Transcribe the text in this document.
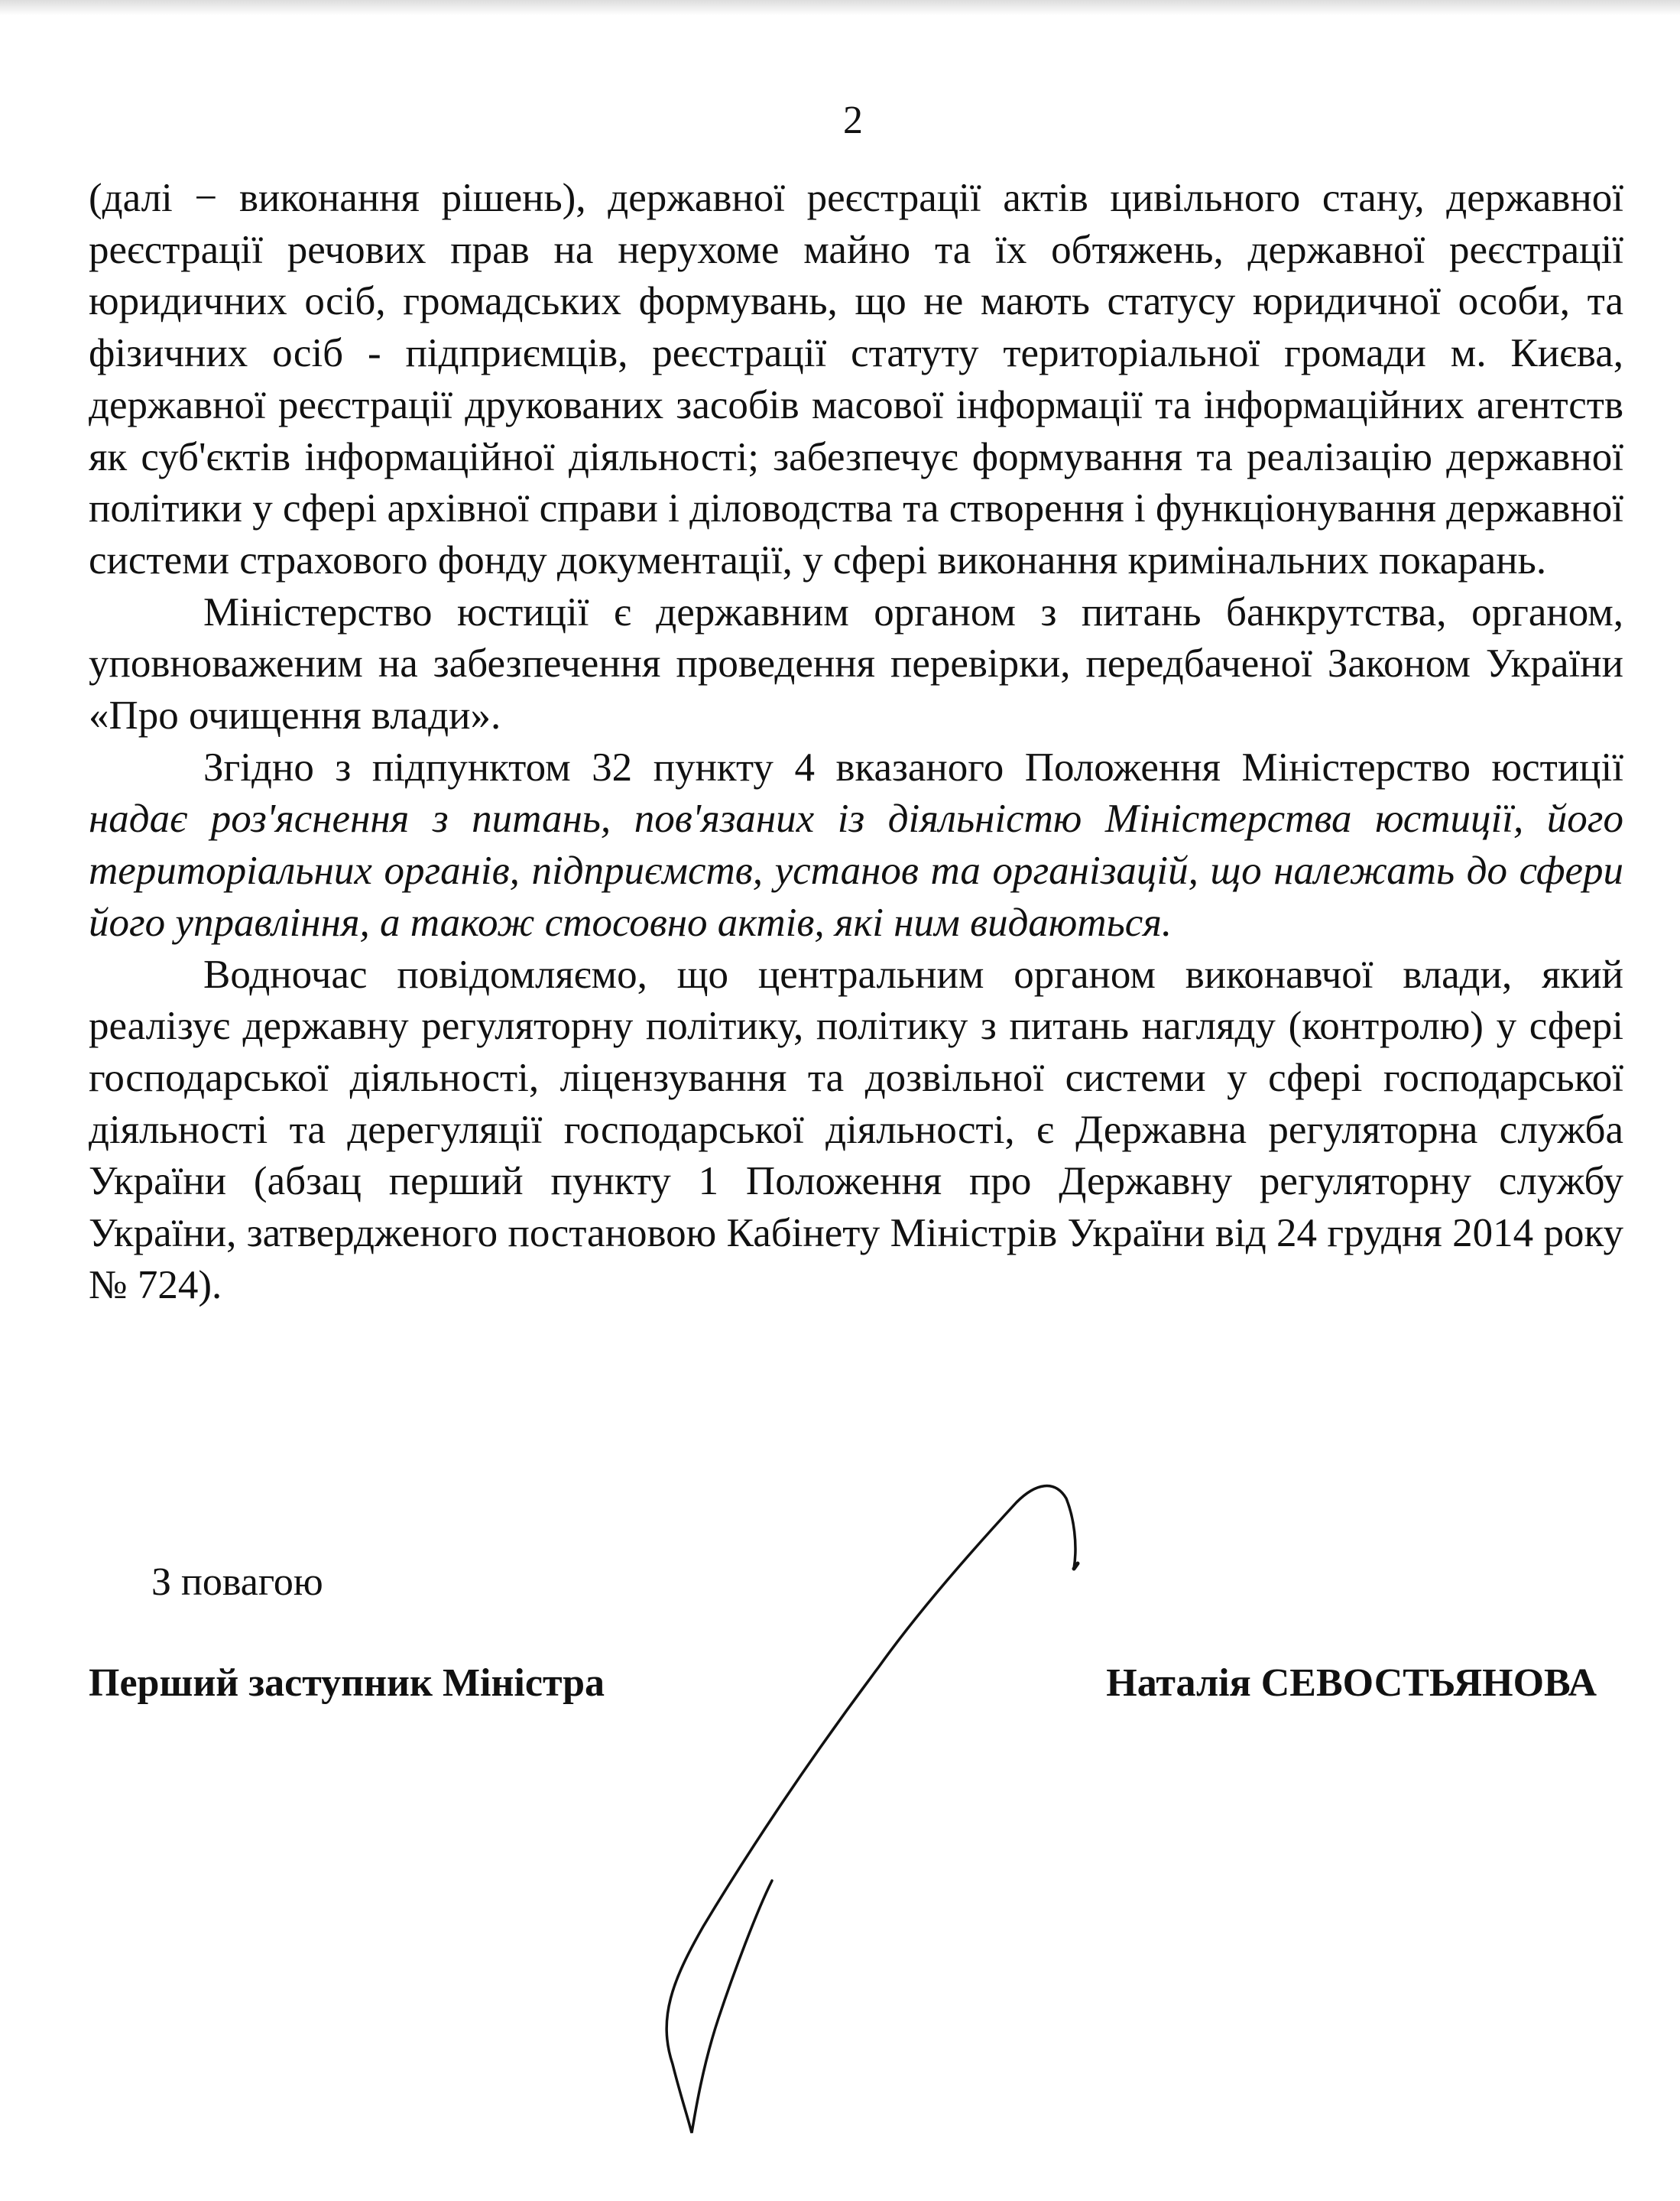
2

(далі − виконання рішень), державної реєстрації актів цивільного стану, державної реєстрації речових прав на нерухоме майно та їх обтяжень, державної реєстрації юридичних осіб, громадських формувань, що не мають статусу юридичної особи, та фізичних осіб - підприємців, реєстрації статуту територіальної громади м. Києва, державної реєстрації друкованих засобів масової інформації та інформаційних агентств як суб'єктів інформаційної діяльності; забезпечує формування та реалізацію державної політики у сфері архівної справи і діловодства та створення і функціонування державної системи страхового фонду документації, у сфері виконання кримінальних покарань.

Міністерство юстиції є державним органом з питань банкрутства, органом, уповноваженим на забезпечення проведення перевірки, передбаченої Законом України «Про очищення влади».

Згідно з підпунктом 32 пункту 4 вказаного Положення Міністерство юстиції надає роз'яснення з питань, пов'язаних із діяльністю Міністерства юстиції, його територіальних органів, підприємств, установ та організацій, що належать до сфери його управління, а також стосовно актів, які ним видаються.

Водночас повідомляємо, що центральним органом виконавчої влади, який реалізує державну регуляторну політику, політику з питань нагляду (контролю) у сфері господарської діяльності, ліцензування та дозвільної системи у сфері господарської діяльності та дерегуляції господарської діяльності, є Державна регуляторна служба України (абзац перший пункту 1 Положення про Державну регуляторну службу України, затвердженого постановою Кабінету Міністрів України від 24 грудня 2014 року № 724).

З повагою
Перший заступник Міністра	Наталія СЕВОСТЬЯНОВА
